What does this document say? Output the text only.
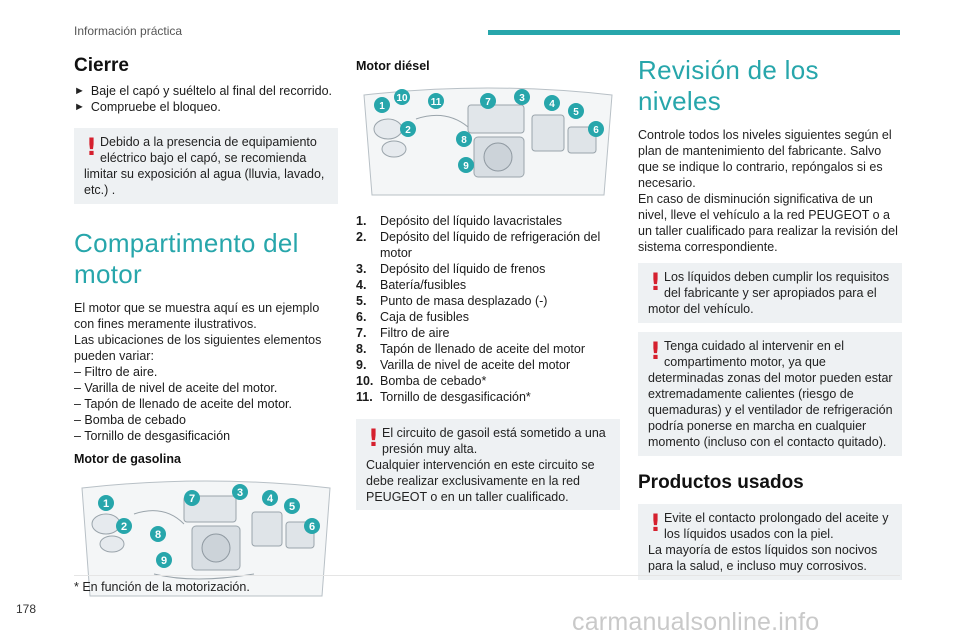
Información práctica
Cierre
► Baje el capó y suéltelo al final del recorrido.
► Compruebe el bloqueo.
! Debido a la presencia de equipamiento

eléctrico bajo el capó, se recomienda

limitar su exposición al agua (lluvia, lavado, etc.) .

Compartimento del motor

El motor que se muestra aquí es un ejemplo con fines meramente ilustrativos.

Las ubicaciones de los siguientes elementos pueden variar:

– Filtro de aire.
– Varilla de nivel de aceite del motor.
– Tapón de llenado de aceite del motor.
– Bomba de cebado
– Tornillo de desgasificación
Motor de gasolina
1
2
8
9
7	3 4
5
6
Motor diésel
1
10 11
2
8
9
7	3
4
5
6
1.	Depósito del líquido lavacristales
2.	Depósito del líquido de refrigeración del motor
3.	Depósito del líquido de frenos
4.	Batería/fusibles
5.	Punto de masa desplazado (-)
6.	Caja de fusibles
7.	Filtro de aire
8.	Tapón de llenado de aceite del motor
9.	Varilla de nivel de aceite del motor
10. Bomba de cebado*
11. Tornillo de desgasificación*
! El circuito de gasoil está sometido a una

presión muy alta.

Cualquier intervención en este circuito se debe realizar exclusivamente en la red PEUGEOT o en un taller cualificado.

Revisión de los niveles

Controle todos los niveles siguientes según el plan de mantenimiento del fabricante. Salvo que se indique lo contrario, repóngalos si es necesario.

En caso de disminución significativa de un nivel, lleve el vehículo a la red PEUGEOT o a un taller cualificado para realizar la revisión del sistema correspondiente.

! Los líquidos deben cumplir los requisitos

del fabricante y ser apropiados para el

motor del vehículo.

! Tenga cuidado al intervenir en el

compartimento motor, ya que

determinadas zonas del motor pueden estar extremadamente calientes (riesgo de quemaduras) y el ventilador de refrigeración podría ponerse en marcha en cualquier momento (incluso con el contacto quitado).

Productos usados
! Evite el contacto prolongado del aceite y

los líquidos usados con la piel.

La mayoría de estos líquidos son nocivos para la salud, e incluso muy corrosivos.

* En función de la motorización.
178	carmanualsonline.info
